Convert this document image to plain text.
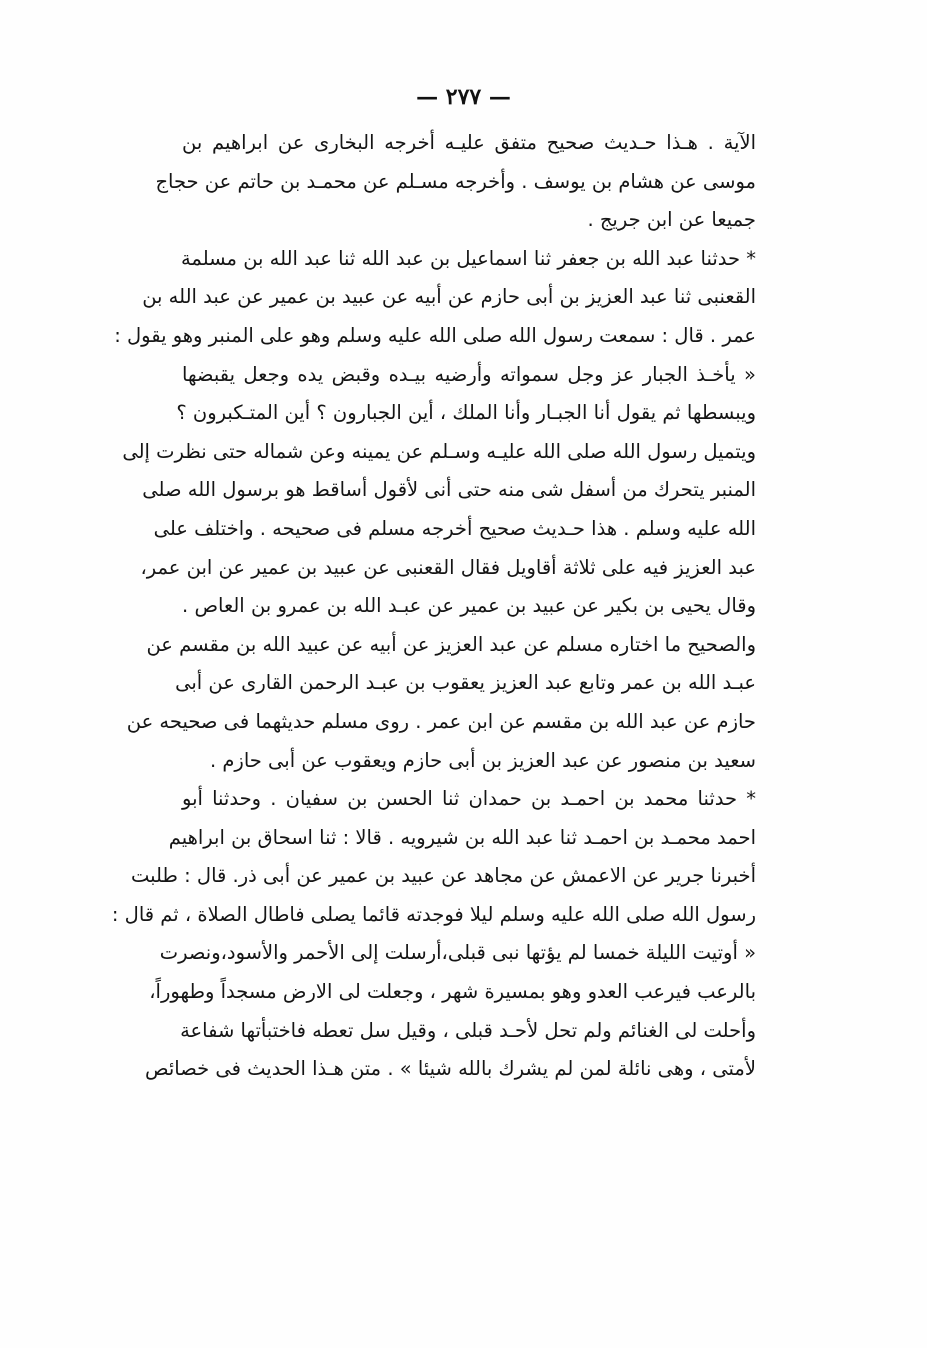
— ٢٧٧ —
الآية . هـذا حـديث صحيح متفق عليـه أخرجه البخارى عن ابراهيم بن
موسى عن هشام بن يوسف . وأخرجه مسـلم عن محمـد بن حاتم عن حجاج
جميعا عن ابن جريج .
* حدثنا عبد الله بن جعفر ثنا اسماعيل بن عبد الله ثنا عبد الله بن مسلمة
القعنبى ثنا عبد العزيز بن أبى حازم عن أبيه عن عبيد بن عمير عن عبد الله بن
عمر . قال : سمعت رسول الله صلى الله عليه وسلم وهو على المنبر وهو يقول :
« يأخـذ الجبار عز وجل سمواته وأرضيه بيـده وقبض يده وجعل يقبضها
ويبسطها ثم يقول أنا الجبـار وأنا الملك ، أين الجبارون ؟ أين المتـكبرون ؟
ويتميل رسول الله صلى الله عليـه وسـلم عن يمينه وعن شماله حتى نظرت إلى
المنبر يتحرك من أسفل شى منه حتى أنى لأقول أساقط هو برسول الله صلى
الله عليه وسلم . هذا حـديث صحيح أخرجه مسلم فى صحيحه . واختلف على
عبد العزيز فيه على ثلاثة أقاويل فقال القعنبى عن عبيد بن عمير عن ابن عمر،
وقال يحيى بن بكير عن عبيد بن عمير عن عبـد الله بن عمرو بن العاص .
والصحيح ما اختاره مسلم عن عبد العزيز عن أبيه عن عبيد الله بن مقسم عن
عبـد الله بن عمر وتابع عبد العزيز يعقوب بن عبـد الرحمن القارى عن أبى
حازم عن عبد الله بن مقسم عن ابن عمر . روى مسلم حديثهما فى صحيحه عن
سعيد بن منصور عن عبد العزيز بن أبى حازم ويعقوب عن أبى حازم .
* حدثنا محمد بن احمـد بن حمدان ثنا الحسن بن سفيان . وحدثنا أبو
احمد محمـد بن احمـد ثنا عبد الله بن شيرويه . قالا : ثنا اسحاق بن ابراهيم
أخبرنا جرير عن الاعمش عن مجاهد عن عبيد بن عمير عن أبى ذر. قال : طلبت
رسول الله صلى الله عليه وسلم ليلا فوجدته قائما يصلى فاطال الصلاة ، ثم قال :
« أوتيت الليلة خمسا لم يؤتها نبى قبلى،أرسلت إلى الأحمر والأسود،ونصرت
بالرعب فيرعب العدو وهو بمسيرة شهر ، وجعلت لى الارض مسجداً وطهوراً،
وأحلت لى الغنائم ولم تحل لأحـد قبلى ، وقيل سل تعطه فاختبأتها شفاعة
لأمتى ، وهى نائلة لمن لم يشرك بالله شيئا » . متن هـذا الحديث فى خصائص
